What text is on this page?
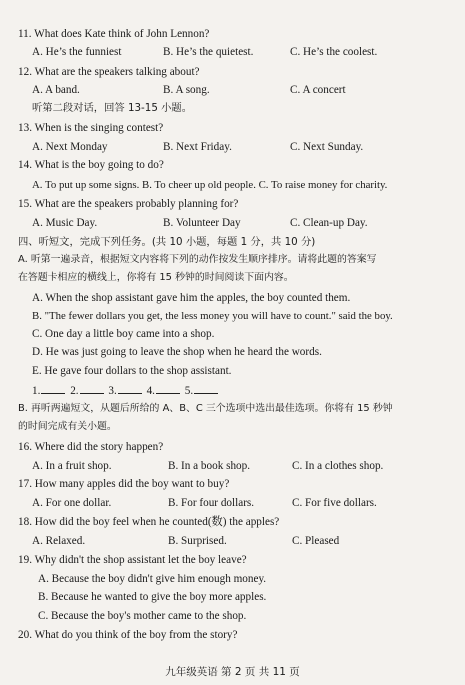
11. What does Kate think of John Lennon?
A. He’s the funniest	B. He’s the quietest.	C. He’s the coolest.
12. What are the speakers talking about?
A. A band.	B. A song.	C. A concert
听第二段对话，回答 13-15 小题。
13. When is the singing contest?
A. Next Monday	B. Next Friday.	C. Next Sunday.
14. What is the boy going to do?
A. To put up some signs. B. To cheer up old people. C. To raise money for charity.
15. What are the speakers probably planning for?
A. Music Day.	B. Volunteer Day	C. Clean-up Day.
四、听短文，完成下列任务。(共 10 小题，每题 1 分，共 10 分)
A. 听第一遍录音，根据短文内容将下列的动作按发生顺序排序。请将此题的答案写
在答题卡相应的横线上，你将有 15 秒钟的时间阅读下面内容。
A. When the shop assistant gave him the apples, the boy counted them.
B. "The fewer dollars you get, the less money you will have to count." said the boy.
C. One day a little boy came into a shop.
D. He was just going to leave the shop when he heard the words.
E. He gave four dollars to the shop assistant.
1.	2.	3.	4.	5.
B. 再听两遍短文，从题后所给的 A、B、C 三个选项中选出最佳选项。你将有 15 秒钟
的时间完成有关小题。
16. Where did the story happen?
A. In a fruit shop.	B. In a book shop.	C. In a clothes shop.
17. How many apples did the boy want to buy?
A. For one dollar.	B. For four dollars.	C. For five dollars.
18. How did the boy feel when he counted(数) the apples?
A. Relaxed.	B. Surprised.	C. Pleased
19. Why didn't the shop assistant let the boy leave?
A. Because the boy didn't give him enough money.
B. Because he wanted to give the boy more apples.
C. Because the boy's mother came to the shop.
20. What do you think of the boy from the story?
九年级英语 第 2 页 共 11 页
